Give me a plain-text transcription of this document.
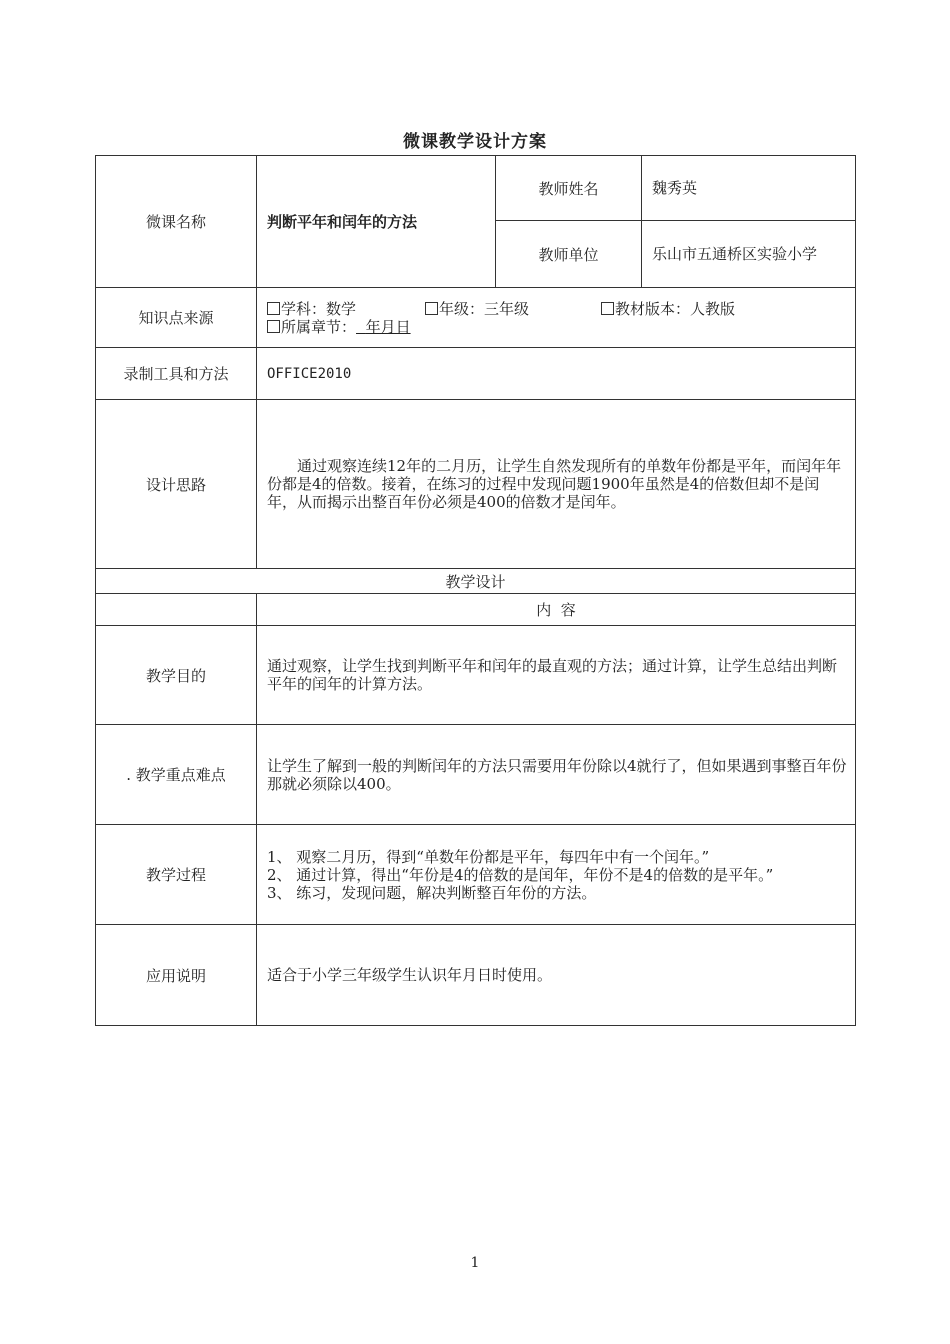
微课教学设计方案
微课名称	判断平年和闰年的方法	教师姓名	魏秀英
		教师单位	乐山市五通桥区实验小学
知识点来源	学科：数学 年级：三年级 教材版本：人教版
所属章节： 年月日		

录制工具和方法	OFFICE2010		
设计思路	通过观察连续12年的二月历，让学生自然发现所有的单数年份都是平年，而闰年年份都是4的倍数。接着，在练习的过程中发现问题1900年虽然是4的倍数但却不是闰年，从而揭示出整百年份必须是400的倍数才是闰年。		
教学设计			
	内  容		
教学目的	通过观察，让学生找到判断平年和闰年的最直观的方法；通过计算，让学生总结出判断平年的闰年的计算方法。		
. 教学重点难点	让学生了解到一般的判断闰年的方法只需要用年份除以4就行了，但如果遇到事整百年份那就必须除以400。		
教学过程	1、 观察二月历，得到“单数年份都是平年，每四年中有一个闰年。”
2、 通过计算，得出“年份是4的倍数的是闰年，年份不是4的倍数的是平年。”
3、 练习，发现问题，解决判断整百年份的方法。		

应用说明	适合于小学三年级学生认识年月日时使用。		
1
